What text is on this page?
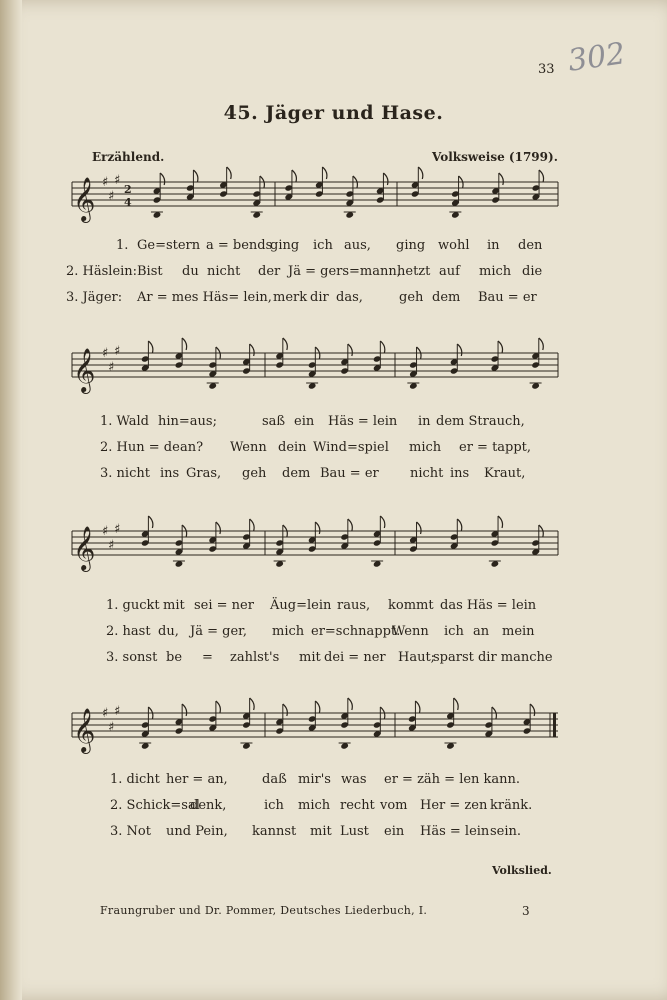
33 302
45. Jäger und Hase.
Erzählend.	Volksweise (1799).
𝄞 ♯
♯
♯
2
4
1. Ge=stern a = bends
ging ich aus, ging wohl in den
2. Häslein: Bist du nicht der Jä = gers=mann,
hetzt auf mich die
3. Jäger: Ar = mes Häs= lein, merk dir das,	geh dem Bau = er
𝄞 ♯
♯
♯
1. Wald hin=aus;	saß ein Häs = lein in dem Strauch,
2. Hun = de an? Wenn dein Wind=spiel mich er = tappt,
3. nicht ins Gras, geh dem Bau = er nicht ins Kraut,
𝄞 ♯
♯
♯
1. guckt mit sei = ner Äug=lein raus, kommt das Häs = lein
2. hast du, Jä = ger, mich er=schnappt.
Wenn ich an mein
3. sonst be = zahlst's mit dei = ner Haut;
sparst dir manche
𝄞 ♯
♯
♯
1. dicht her = an,	daß mir's was er = zäh = len kann.
2. Schick=sal
denk,	ich mich recht vom Her = zen kränk.
3. Not und Pein, kannst mit Lust ein Häs = lein sein.
Volkslied.
Fraungruber und Dr. Pommer, Deutsches Liederbuch, I.	3
